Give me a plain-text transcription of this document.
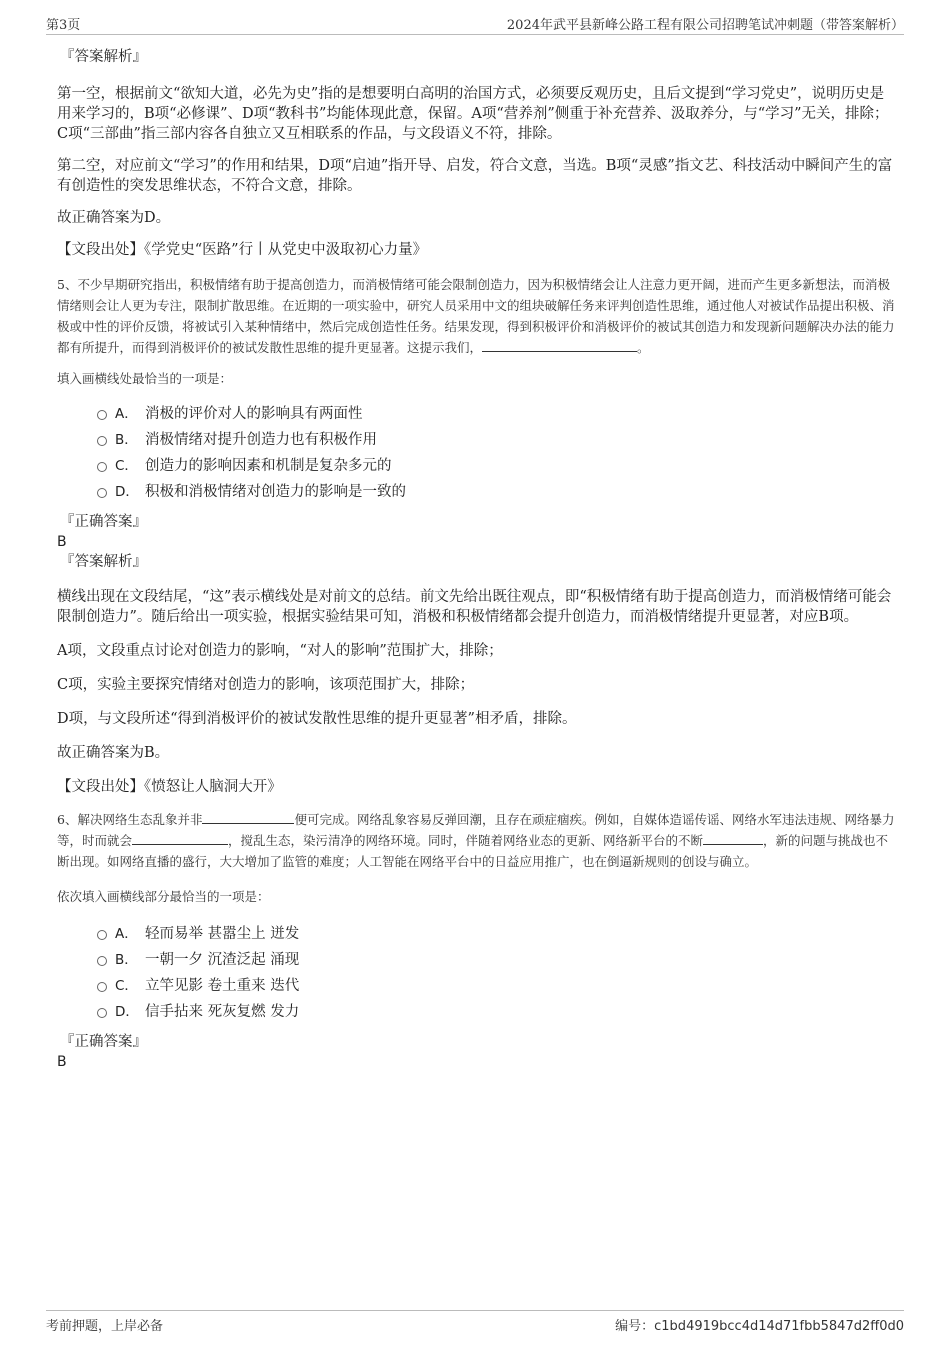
第3页	2024年武平县新峰公路工程有限公司招聘笔试冲刺题（带答案解析）
『答案解析』

第一空，根据前文“欲知大道，必先为史”指的是想要明白高明的治国方式，必须要反观历史，且后文提到“学习党史”，说明历史是用来学习的，B项“必修课”、D项“教科书”均能体现此意，保留。A项“营养剂”侧重于补充营养、汲取养分，与“学习”无关，排除；C项“三部曲”指三部内容各自独立又互相联系的作品，与文段语义不符，排除。

第二空，对应前文“学习”的作用和结果，D项“启迪”指开导、启发，符合文意，当选。B项“灵感”指文艺、科技活动中瞬间产生的富有创造性的突发思维状态，不符合文意，排除。

故正确答案为D。

【文段出处】《学党史“医路”行丨从党史中汲取初心力量》

5、不少早期研究指出，积极情绪有助于提高创造力，而消极情绪可能会限制创造力，因为积极情绪会让人注意力更开阔，进而产生更多新想法，而消极情绪则会让人更为专注，限制扩散思维。在近期的一项实验中，研究人员采用中文的组块破解任务来评判创造性思维，通过他人对被试作品提出积极、消极或中性的评价反馈，将被试引入某种情绪中，然后完成创造性任务。结果发现，得到积极评价和消极评价的被试其创造力和发现新问题解决办法的能力都有所提升，而得到消极评价的被试发散性思维的提升更显著。这提示我们，	。

填入画横线处最恰当的一项是：

A． 消极的评价对人的影响具有两面性
B． 消极情绪对提升创造力也有积极作用
C． 创造力的影响因素和机制是复杂多元的
D． 积极和消极情绪对创造力的影响是一致的
『正确答案』

B

『答案解析』

横线出现在文段结尾，“这”表示横线处是对前文的总结。前文先给出既往观点，即“积极情绪有助于提高创造力，而消极情绪可能会限制创造力”。随后给出一项实验，根据实验结果可知，消极和积极情绪都会提升创造力，而消极情绪提升更显著，对应B项。

A项，文段重点讨论对创造力的影响，“对人的影响”范围扩大，排除；

C项，实验主要探究情绪对创造力的影响，该项范围扩大，排除；

D项，与文段所述“得到消极评价的被试发散性思维的提升更显著”相矛盾，排除。

故正确答案为B。

【文段出处】《愤怒让人脑洞大开》

6、解决网络生态乱象并非	便可完成。网络乱象容易反弹回潮，且存在顽症痼疾。例如，自媒体造谣传谣、网络水军违法违规、网络暴力等，时而就会	，搅乱生态，染污清净的网络环境。同时，伴随着网络业态的更新、网络新平台的不断	，新的问题与挑战也不断出现。如网络直播的盛行，大大增加了监管的难度；人工智能在网络平台中的日益应用推广，也在倒逼新规则的创设与确立。

依次填入画横线部分最恰当的一项是：

A． 轻而易举 甚嚣尘上 迸发
B． 一朝一夕 沉渣泛起 涌现
C． 立竿见影 卷土重来 迭代
D． 信手拈来 死灰复燃 发力
『正确答案』

B

考前押题，上岸必备	编号：c1bd4919bcc4d14d71fbb5847d2ff0d0
